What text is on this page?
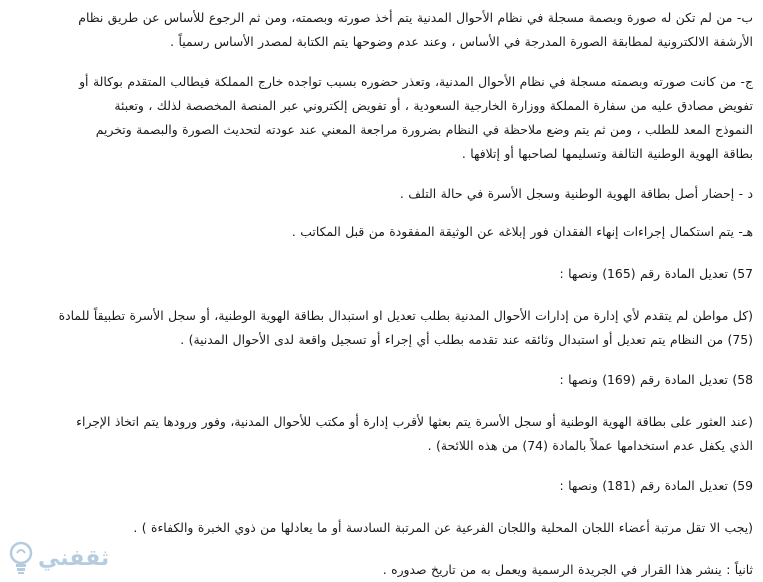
ب- من لم تكن له صورة وبصمة مسجلة في نظام الأحوال المدنية يتم أخذ صورته وبصمته، ومن ثم الرجوع للأساس عن طريق نظام
الأرشفة الالكترونية لمطابقة الصورة المدرجة في الأساس ، وعند عدم وضوحها يتم الكتابة لمصدر الأساس رسمياً .

ج- من كانت صورته وبصمته مسجلة في نظام الأحوال المدنية، وتعذر حضوره بسبب تواجده خارج المملكة فيطالب المتقدم بوكالة أو
تفويض مصادق عليه من سفارة المملكة ووزارة الخارجية السعودية ، أو تفويض إلكتروني عبر المنصة المخصصة لذلك ، وتعبئة
النموذج المعد للطلب ، ومن ثم يتم وضع ملاحظة في النظام بضرورة مراجعة المعني عند عودته لتحديث الصورة والبصمة وتخريم
بطاقة الهوية الوطنية التالفة وتسليمها لصاحبها أو إتلافها .

د - إحضار أصل بطاقة الهوية الوطنية وسجل الأسرة في حالة التلف .

هـ- يتم استكمال إجراءات إنهاء الفقدان فور إبلاغه عن الوثيقة المفقودة من قبل المكاتب .

57) تعديل المادة رقم (165) ونصها :

(كل مواطن لم يتقدم لأي إدارة من إدارات الأحوال المدنية بطلب تعديل او استبدال بطاقة الهوية الوطنية، أو سجل الأسرة تطبيقاً للمادة
(75) من النظام يتم تعديل أو استبدال وثائقه عند تقدمه بطلب أي إجراء أو تسجيل واقعة لدى الأحوال المدنية) .

58) تعديل المادة رقم (169) ونصها :

(عند العثور على بطاقة الهوية الوطنية أو سجل الأسرة يتم بعثها لأقرب إدارة أو مكتب للأحوال المدنية، وفور ورودها يتم اتخاذ الإجراء
الذي يكفل عدم استخدامها عملاً بالمادة (74) من هذه اللائحة) .

59) تعديل المادة رقم (181) ونصها :

(يجب الا تقل مرتبة أعضاء اللجان المحلية واللجان الفرعية عن المرتبة السادسة أو ما يعادلها من ذوي الخبرة والكفاءة ) .

ثانياً : ينشر هذا القرار في الجريدة الرسمية ويعمل به من تاريخ صدوره .

ثقفني
